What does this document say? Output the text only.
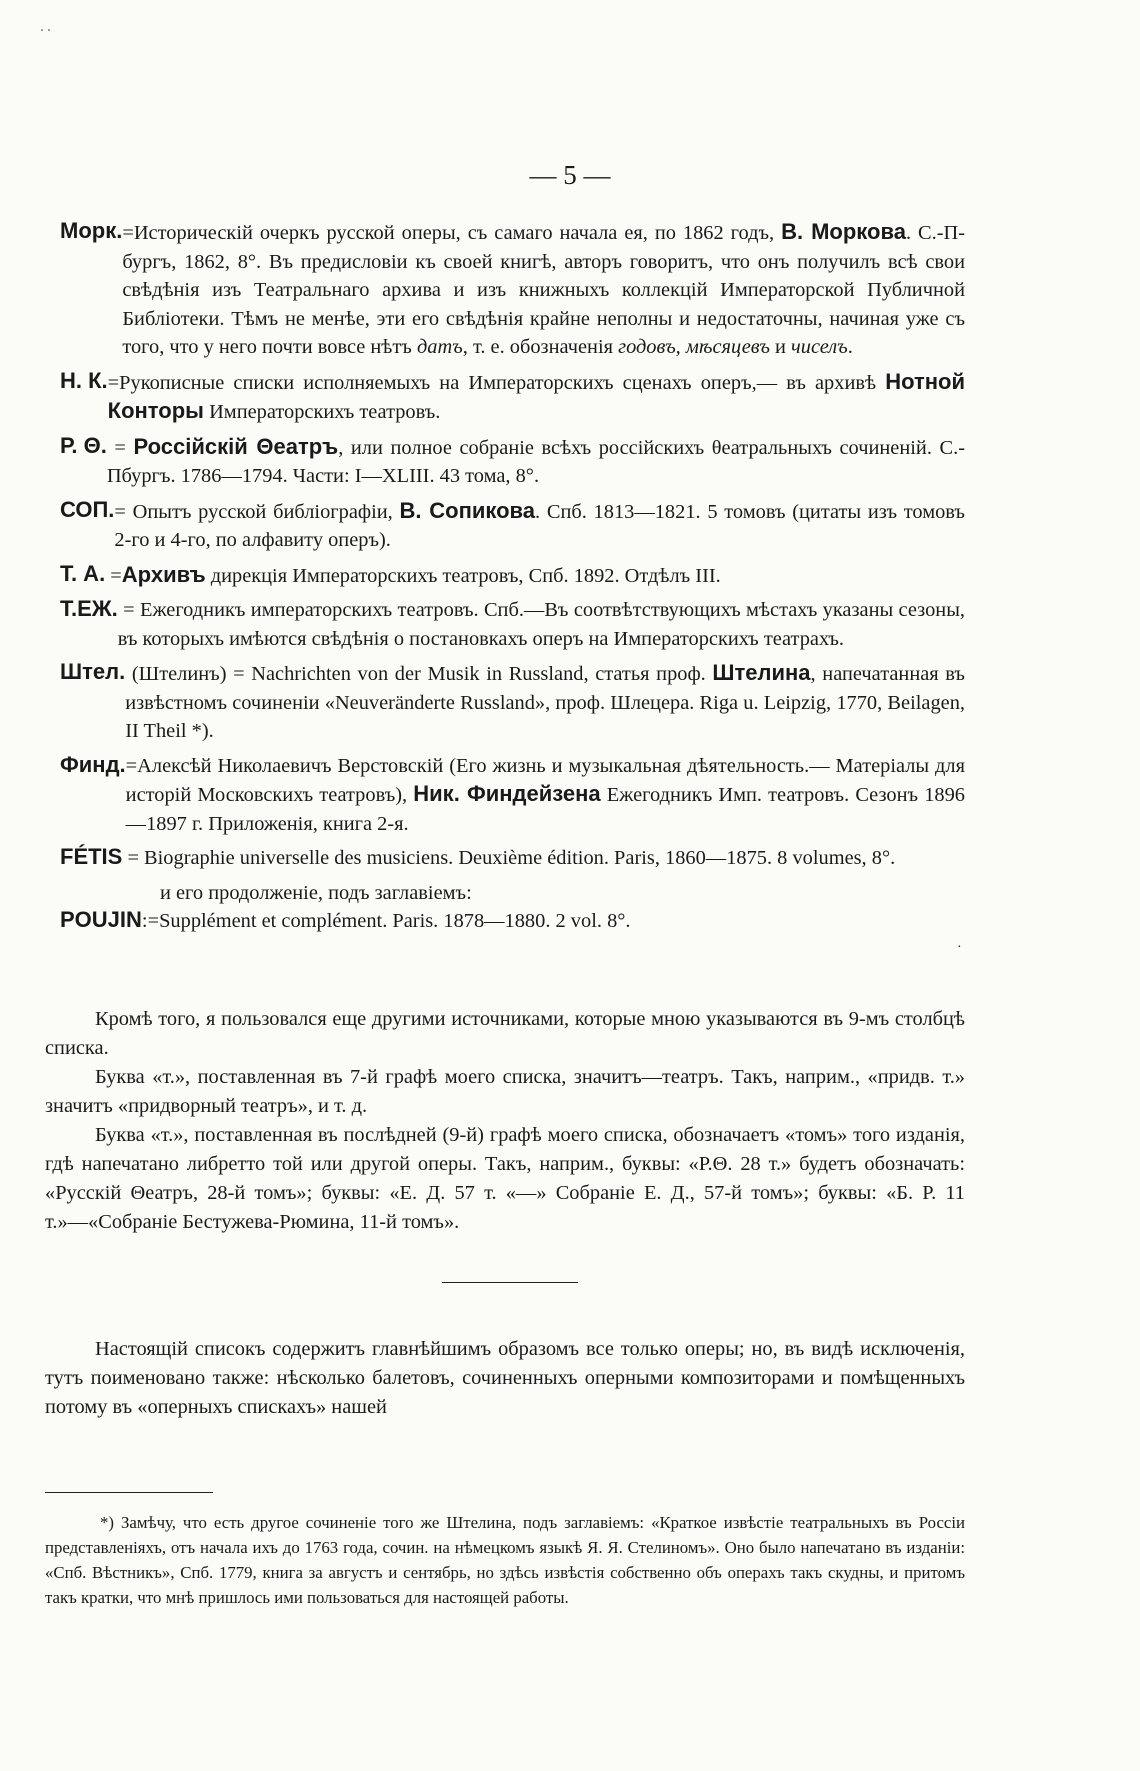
..
— 5 —
Морк. =Историческій очеркъ русской оперы, съ самаго начала ея, по 1862 годъ, В. Моркова. С.-П-бургъ, 1862, 8°. Въ предисловіи къ своей книгѣ, авторъ говоритъ, что онъ получилъ всѣ свои свѣдѣнія изъ Театральнаго архива и изъ книжныхъ коллекцій Императорской Публичной Библіотеки. Тѣмъ не менѣе, эти его свѣдѣнія крайне неполны и недостаточны, начиная уже съ того, что у него почти вовсе нѣтъ датъ, т. е. обозначенія годовъ, мѣсяцевъ и чиселъ.
Н. К. =Рукописные списки исполняемыхъ на Императорскихъ сценахъ оперъ,— въ архивѣ Нотной Конторы Императорскихъ театровъ.
Р. Θ. = Россійскій Θеатръ, или полное собраніе всѣхъ россійскихъ θеатральныхъ сочиненій. С.-Пбургъ. 1786—1794. Части: I—XLIII. 43 тома, 8°.
СОП. = Опытъ русской библіографіи, В. Сопикова. Спб. 1813—1821. 5 томовъ (цитаты изъ томовъ 2-го и 4-го, по алфавиту оперъ).
Т. А. =Архивъ дирекція Императорскихъ театровъ, Спб. 1892. Отдѣлъ III.
Т.ЕЖ. = Ежегодникъ императорскихъ театровъ. Спб.—Въ соотвѣтствующихъ мѣстахъ указаны сезоны, въ которыхъ имѣются свѣдѣнія о постановкахъ оперъ на Императорскихъ театрахъ.
Штел. (Штелинъ) = Nachrichten von der Musik in Russland, статья проф. Штелина, напечатанная въ извѣстномъ сочиненіи «Neuveränderte Russland», проф. Шлецера. Riga u. Leipzig, 1770, Beilagen, II Theil *).
Финд. =Алексѣй Николаевичъ Верстовскій (Его жизнь и музыкальная дѣятельность.— Матеріалы для исторій Московскихъ театровъ), Ник. Финдейзена Ежегодникъ Имп. театровъ. Сезонъ 1896—1897 г. Приложенія, книга 2-я.
FÉTIS = Biographie universelle des musiciens. Deuxième édition. Paris, 1860—1875. 8 volumes, 8°.
и его продолженіе, подъ заглавіемъ:
POUJIN :=Supplément et complément. Paris. 1878—1880. 2 vol. 8°.
·

Кромѣ того, я пользовался еще другими источниками, которые мною указываются въ 9-мъ столбцѣ списка.

Буква «т.», поставленная въ 7-й графѣ моего списка, значитъ—театръ. Такъ, наприм., «придв. т.» значитъ «придворный театръ», и т. д.

Буква «т.», поставленная въ послѣдней (9-й) графѣ моего списка, обозначаетъ «томъ» того изданія, гдѣ напечатано либретто той или другой оперы. Такъ, наприм., буквы: «Р.Θ. 28 т.» будетъ обозначать: «Русскій Θеатръ, 28-й томъ»; буквы: «Е. Д. 57 т. «—» Собраніе Е. Д., 57-й томъ»; буквы: «Б. Р. 11 т.»—«Собраніе Бестужева-Рюмина, 11-й томъ».

Настоящій списокъ содержитъ главнѣйшимъ образомъ все только оперы; но, въ видѣ исключенія, тутъ поименовано также: нѣсколько балетовъ, сочиненныхъ оперными композиторами и помѣщенныхъ потому въ «оперныхъ спискахъ» нашей

*) Замѣчу, что есть другое сочиненіе того же Штелина, подъ заглавіемъ: «Краткое извѣстіе театральныхъ въ Россіи представленіяхъ, отъ начала ихъ до 1763 года, сочин. на нѣмецкомъ языкѣ Я. Я. Стелиномъ». Оно было напечатано въ изданіи: «Спб. Вѣстникъ», Спб. 1779, книга за августъ и сентябрь, но здѣсь извѣстія собственно объ операхъ такъ скудны, и притомъ такъ кратки, что мнѣ пришлось ими пользоваться для настоящей работы.
